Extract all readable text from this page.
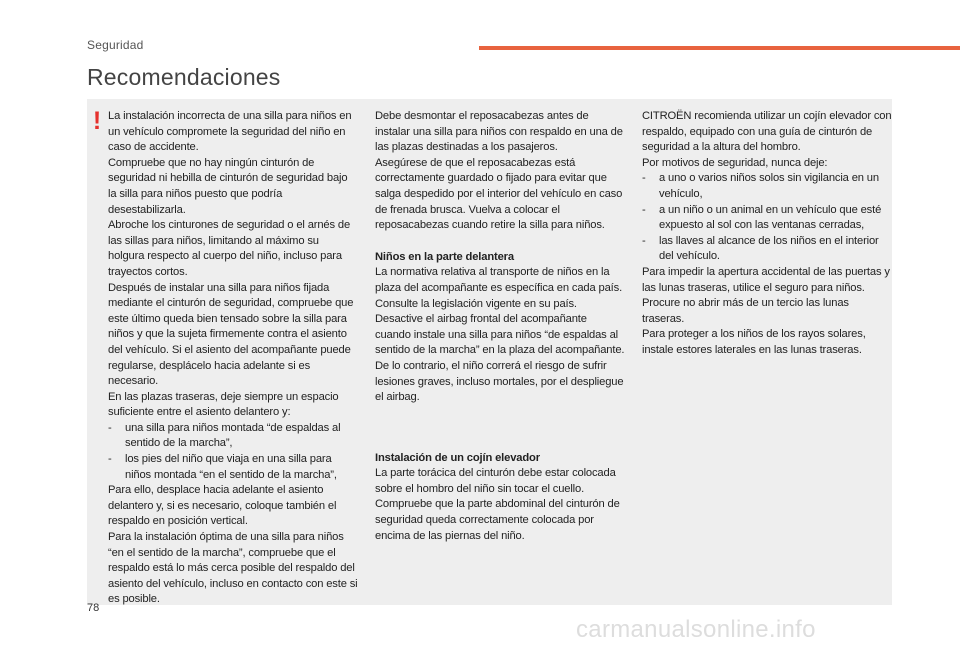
Seguridad
Recomendaciones
! La instalación incorrecta de una silla para niños en un vehículo compromete la seguridad del niño en caso de accidente.

Compruebe que no hay ningún cinturón de seguridad ni hebilla de cinturón de seguridad bajo la silla para niños puesto que podría desestabilizarla.

Abroche los cinturones de seguridad o el arnés de las sillas para niños, limitando al máximo su holgura respecto al cuerpo del niño, incluso para trayectos cortos.

Después de instalar una silla para niños fijada mediante el cinturón de seguridad, compruebe que este último queda bien tensado sobre la silla para niños y que la sujeta firmemente contra el asiento del vehículo. Si el asiento del acompañante puede regularse, desplácelo hacia adelante si es necesario.

En las plazas traseras, deje siempre un espacio suficiente entre el asiento delantero y:

- una silla para niños montada “de espaldas al sentido de la marcha”,

- los pies del niño que viaja en una silla para niños montada “en el sentido de la marcha”,

Para ello, desplace hacia adelante el asiento delantero y, si es necesario, coloque también el respaldo en posición vertical.

Para la instalación óptima de una silla para niños “en el sentido de la marcha”, compruebe que el respaldo está lo más cerca posible del respaldo del asiento del vehículo, incluso en contacto con este si es posible.

Debe desmontar el reposacabezas antes de instalar una silla para niños con respaldo en una de las plazas destinadas a los pasajeros.

Asegúrese de que el reposacabezas está correctamente guardado o fijado para evitar que salga despedido por el interior del vehículo en caso de frenada brusca. Vuelva a colocar el reposacabezas cuando retire la silla para niños.

Niños en la parte delantera

La normativa relativa al transporte de niños en la plaza del acompañante es específica en cada país. Consulte la legislación vigente en su país.

Desactive el airbag frontal del acompañante cuando instale una silla para niños “de espaldas al sentido de la marcha” en la plaza del acompañante. De lo contrario, el niño correrá el riesgo de sufrir lesiones graves, incluso mortales, por el despliegue el airbag.

Instalación de un cojín elevador

La parte torácica del cinturón debe estar colocada sobre el hombro del niño sin tocar el cuello.

Compruebe que la parte abdominal del cinturón de seguridad queda correctamente colocada por encima de las piernas del niño.

CITROËN recomienda utilizar un cojín elevador con respaldo, equipado con una guía de cinturón de seguridad a la altura del hombro.

Por motivos de seguridad, nunca deje:

- a uno o varios niños solos sin vigilancia en un vehículo,

- a un niño o un animal en un vehículo que esté expuesto al sol con las ventanas cerradas,

- las llaves al alcance de los niños en el interior del vehículo.

Para impedir la apertura accidental de las puertas y las lunas traseras, utilice el seguro para niños.

Procure no abrir más de un tercio las lunas traseras.

Para proteger a los niños de los rayos solares, instale estores laterales en las lunas traseras.

78
carmanualsonline.info
